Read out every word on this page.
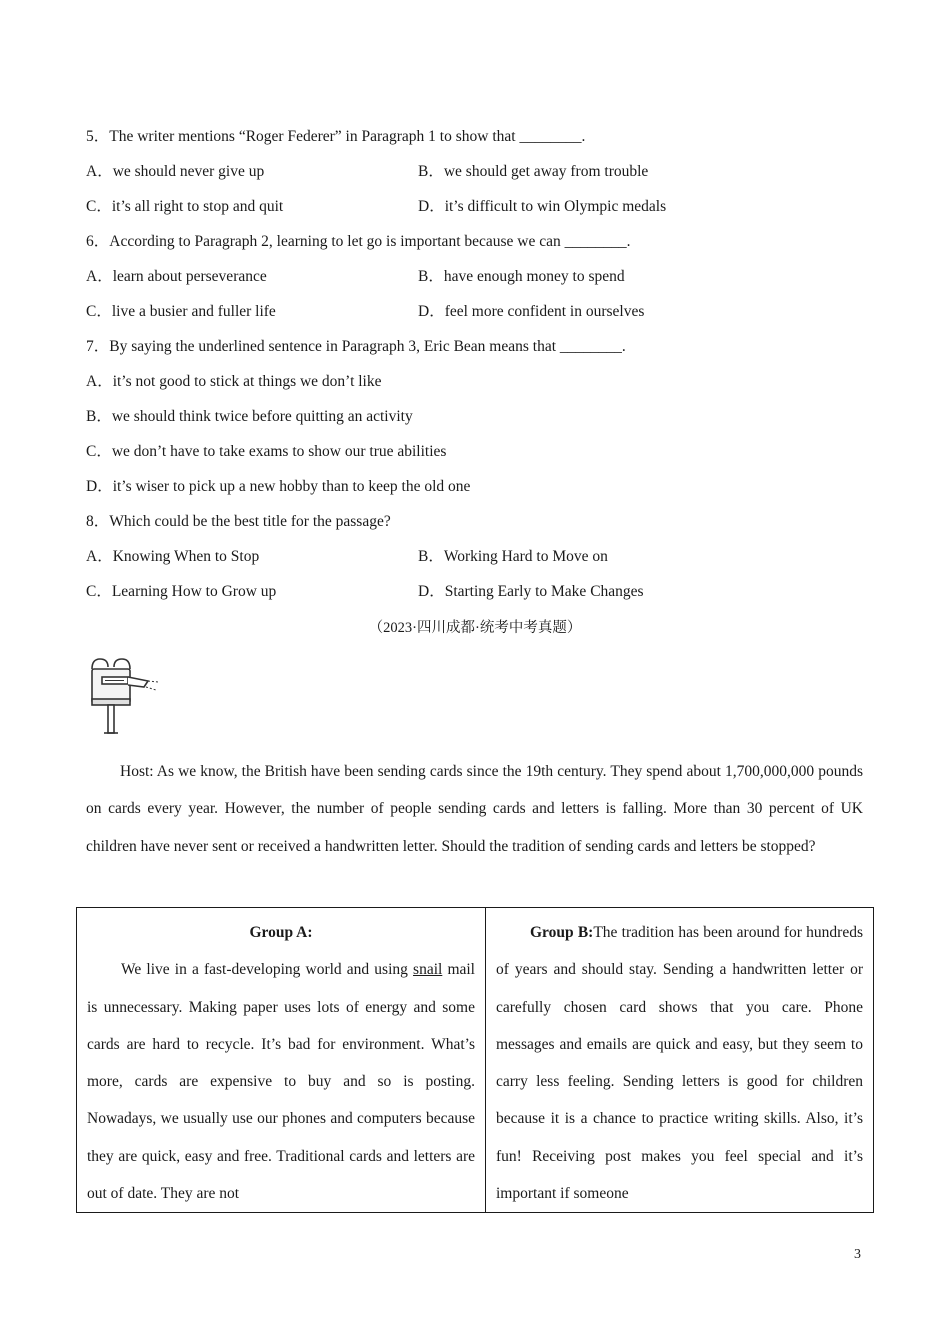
5．The writer mentions “Roger Federer” in Paragraph 1 to show that ________.
A．we should never give up	B．we should get away from trouble
C．it’s all right to stop and quit	D．it’s difficult to win Olympic medals
6．According to Paragraph 2, learning to let go is important because we can ________.
A．learn about perseverance	B．have enough money to spend
C．live a busier and fuller life	D．feel more confident in ourselves
7．By saying the underlined sentence in Paragraph 3, Eric Bean means that ________.
A．it’s not good to stick at things we don’t like
B．we should think twice before quitting an activity
C．we don’t have to take exams to show our true abilities
D．it’s wiser to pick up a new hobby than to keep the old one
8．Which could be the best title for the passage?
A．Knowing When to Stop	B．Working Hard to Move on
C．Learning How to Grow up	D．Starting Early to Make Changes
（2023·四川成都·统考中考真题）

Host: As we know, the British have been sending cards since the 19th century. They spend about 1,700,000,000 pounds on cards every year. However, the number of people sending cards and letters is falling. More than 30 percent of UK children have never sent or received a handwritten letter. Should the tradition of sending cards and letters be stopped?

Group A:
We live in a fast-developing world and using snail mail is unnecessary. Making paper uses lots of energy and some cards are hard to recycle. It’s bad for environment. What’s more, cards are expensive to buy and so is posting. Nowadays, we usually use our phones and computers because they are quick, easy and free. Traditional cards and letters are out of date. They are not

Group B:The tradition has been around for hundreds of years and should stay. Sending a handwritten letter or carefully chosen card shows that you care. Phone messages and emails are quick and easy, but they seem to carry less feeling. Sending letters is good for children because it is a chance to practice writing skills. Also, it’s fun! Receiving post makes you feel special and it’s important if someone
3
